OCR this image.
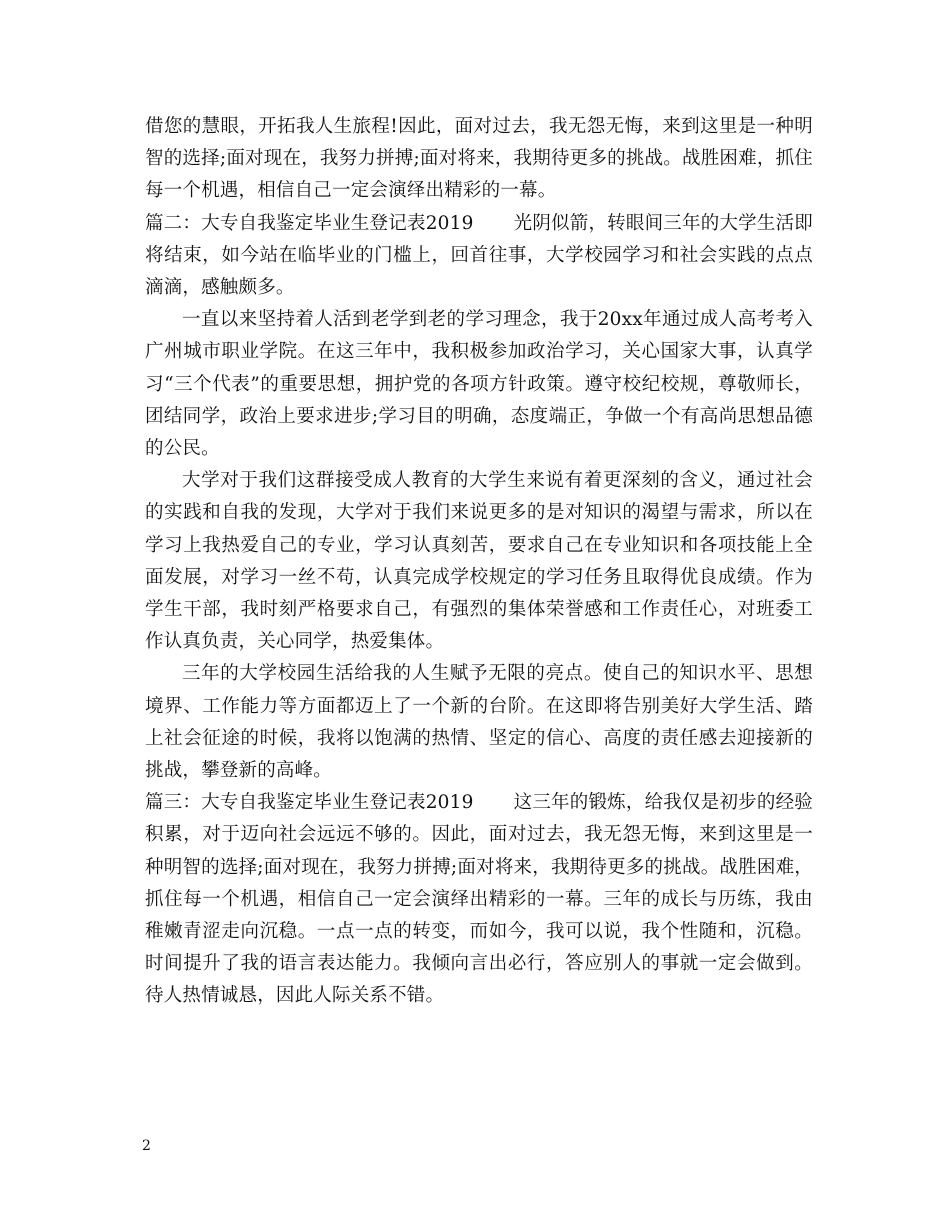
借您的慧眼，开拓我人生旅程!因此，面对过去，我无怨无悔，来到这里是一种明智的选择;面对现在，我努力拼搏;面对将来，我期待更多的挑战。战胜困难，抓住每一个机遇，相信自己一定会演绎出精彩的一幕。

篇二：大专自我鉴定毕业生登记表2019 光阴似箭，转眼间三年的大学生活即将结束，如今站在临毕业的门槛上，回首往事，大学校园学习和社会实践的点点滴滴，感触颇多。

一直以来坚持着人活到老学到老的学习理念，我于20xx年通过成人高考考入广州城市职业学院。在这三年中，我积极参加政治学习，关心国家大事，认真学习“三个代表”的重要思想，拥护党的各项方针政策。遵守校纪校规，尊敬师长，团结同学，政治上要求进步;学习目的明确，态度端正，争做一个有高尚思想品德的公民。

大学对于我们这群接受成人教育的大学生来说有着更深刻的含义，通过社会的实践和自我的发现，大学对于我们来说更多的是对知识的渴望与需求，所以在学习上我热爱自己的专业，学习认真刻苦，要求自己在专业知识和各项技能上全面发展，对学习一丝不苟，认真完成学校规定的学习任务且取得优良成绩。作为学生干部，我时刻严格要求自己，有强烈的集体荣誉感和工作责任心，对班委工作认真负责，关心同学，热爱集体。

三年的大学校园生活给我的人生赋予无限的亮点。使自己的知识水平、思想境界、工作能力等方面都迈上了一个新的台阶。在这即将告别美好大学生活、踏上社会征途的时候，我将以饱满的热情、坚定的信心、高度的责任感去迎接新的挑战，攀登新的高峰。

篇三：大专自我鉴定毕业生登记表2019 这三年的锻炼，给我仅是初步的经验积累，对于迈向社会远远不够的。因此，面对过去，我无怨无悔，来到这里是一种明智的选择;面对现在，我努力拼搏;面对将来，我期待更多的挑战。战胜困难，抓住每一个机遇，相信自己一定会演绎出精彩的一幕。三年的成长与历练，我由稚嫩青涩走向沉稳。一点一点的转变，而如今，我可以说，我个性随和，沉稳。时间提升了我的语言表达能力。我倾向言出必行，答应别人的事就一定会做到。待人热情诚恳，因此人际关系不错。

2
